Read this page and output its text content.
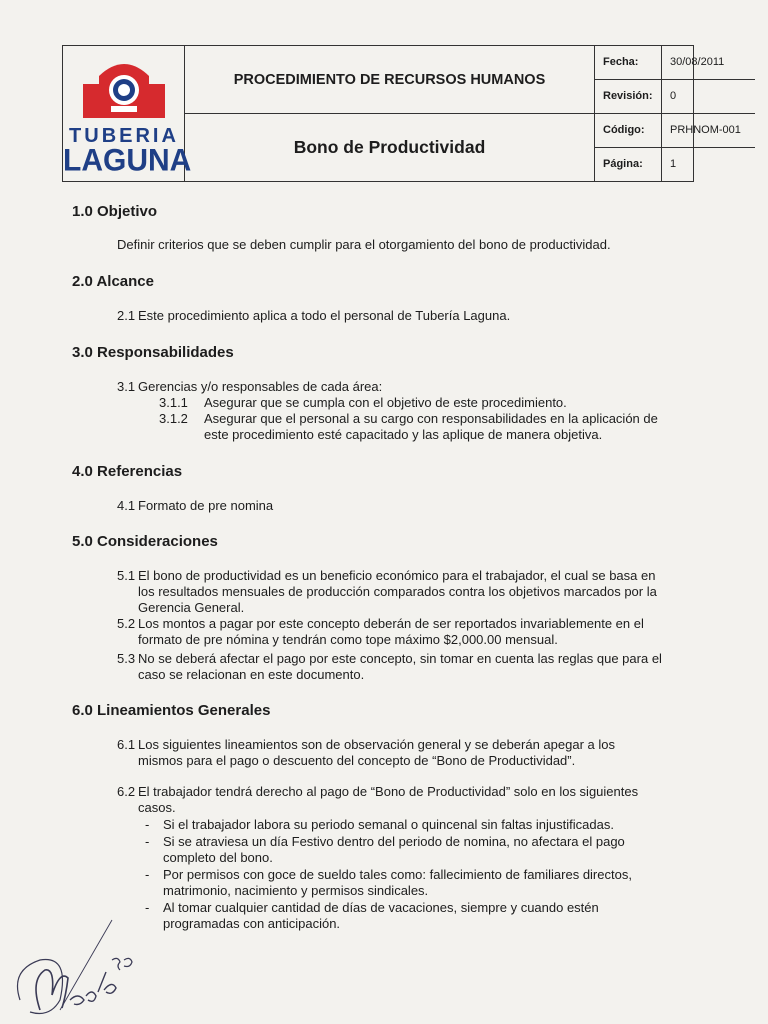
TUBERIA
LAGUNA
PROCEDIMIENTO DE RECURSOS HUMANOS
Bono de Productividad
Fecha:	30/08/2011
Revisión:	0
Código:	PRHNOM-001
Página:	1
1.0 Objetivo
Definir criterios que se deben cumplir para el otorgamiento del bono de productividad.
2.0 Alcance
2.1 Este procedimiento aplica a todo el personal de Tubería Laguna.
3.0 Responsabilidades
3.1 Gerencias y/o responsables de cada área:
3.1.1 Asegurar que se cumpla con el objetivo de este procedimiento.
3.1.2 Asegurar que el personal a su cargo con responsabilidades en la aplicación de
este procedimiento esté capacitado y las aplique de manera objetiva.
4.0 Referencias
4.1 Formato de pre nomina
5.0 Consideraciones
5.1 El bono de productividad es un beneficio económico para el trabajador, el cual se basa en
los resultados mensuales de producción comparados contra los objetivos marcados por la
Gerencia General.
5.2 Los montos a pagar por este concepto deberán de ser reportados invariablemente en el
formato de pre nómina y tendrán como tope máximo $2,000.00 mensual.
5.3 No se deberá afectar el pago por este concepto, sin tomar en cuenta las reglas que para el
caso se relacionan en este documento.
6.0 Lineamientos Generales
6.1 Los siguientes lineamientos son de observación general y se deberán apegar a los
mismos para el pago o descuento del concepto de “Bono de Productividad”.
6.2 El trabajador tendrá derecho al pago de “Bono de Productividad” solo en los siguientes
casos.
- Si el trabajador labora su periodo semanal o quincenal sin faltas injustificadas.
- Si se atraviesa un día Festivo dentro del periodo de nomina, no afectara el pago
completo del bono.
- Por permisos con goce de sueldo tales como: fallecimiento de familiares directos,
matrimonio, nacimiento y permisos sindicales.
- Al tomar cualquier cantidad de días de vacaciones, siempre y cuando estén
programadas con anticipación.
